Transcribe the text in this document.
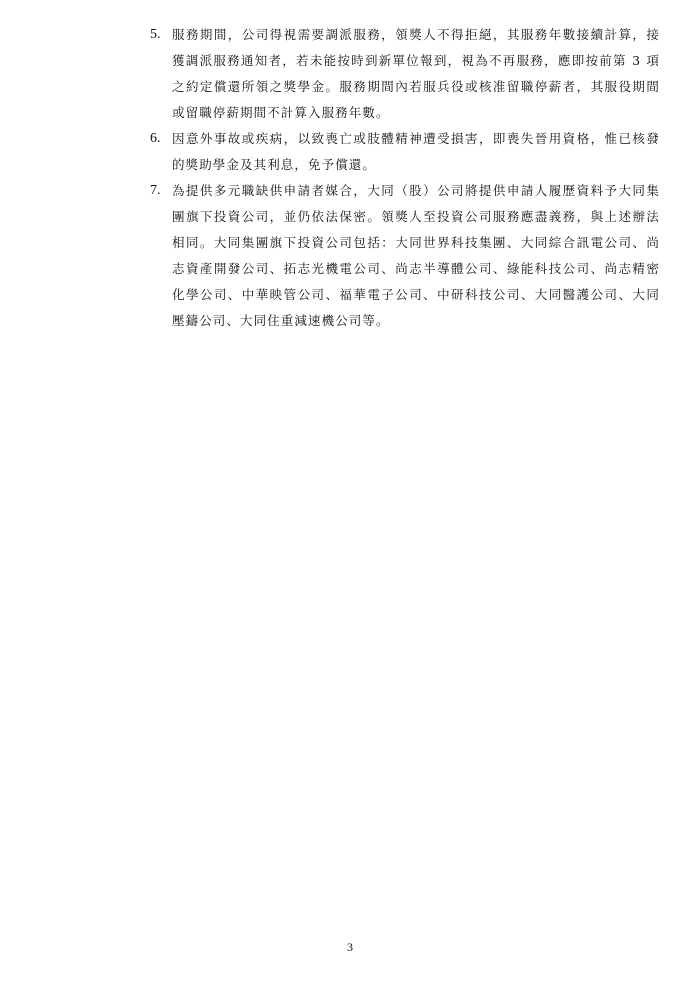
5. 服務期間，公司得視需要調派服務，領獎人不得拒絕，其服務年數接續計算，接獲調派服務通知者，若未能按時到新單位報到，視為不再服務，應即按前第 3 項之約定償還所領之獎學金。服務期間內若服兵役或核准留職停薪者，其服役期間或留職停薪期間不計算入服務年數。
6. 因意外事故或疾病，以致喪亡或肢體精神遭受損害，即喪失晉用資格，惟已核發的獎助學金及其利息，免予償還。
7. 為提供多元職缺供申請者媒合，大同（股）公司將提供申請人履歷資料予大同集團旗下投資公司，並仍依法保密。領獎人至投資公司服務應盡義務，與上述辦法相同。大同集團旗下投資公司包括：大同世界科技集團、大同綜合訊電公司、尚志資產開發公司、拓志光機電公司、尚志半導體公司、綠能科技公司、尚志精密化學公司、中華映管公司、福華電子公司、中研科技公司、大同醫護公司、大同壓鑄公司、大同住重減速機公司等。
3
